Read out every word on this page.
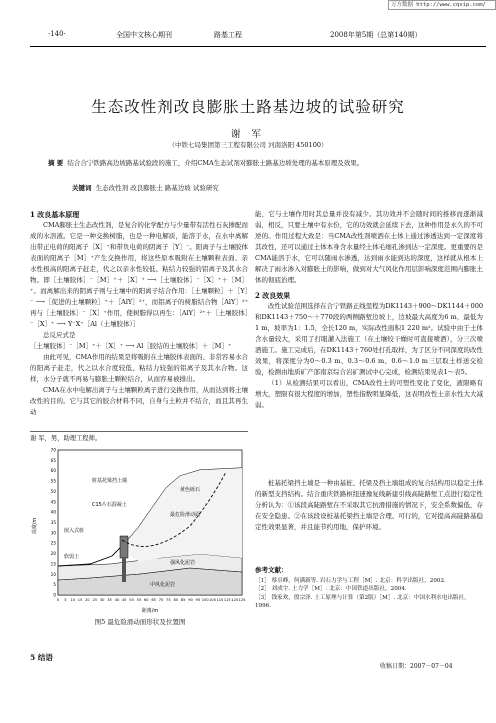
万方数据 http://www.cqvip.com/
·140·	全国中文核心期刊	路基工程	2008年第5期（总第140期）
生态改性剂改良膨胀土路基边坡的试验研究
谢 军
（中铁七局集团第三工程有限公司 河南洛阳 450100）
摘 要 结合合宁铁路高边坡路基试验段的施工，介绍CMA生态试剂对膨胀土路基边坡处理的基本原理及效果。
关键词 生态改性剂 改良膨胀土 路基边坡 试验研究
1 改良基本原理

CMA膨胀土生态改性剂，是复合的化学配方与少量带有活性石灰掺配而成的水溶液。它是一种交换树脂，也是一种电解质，能溶于水，在水中离解出带正电荷的阳离子［X］⁺和带负电荷的阴离子［Y］⁻。阳离子与土壤胶体表面的阳离子［M］⁺产生交换作用，将这些原本吸附在土壤颗粒表面、亲水性极高的阳离子赶走，代之以亲水性较低、粘结力较强的铝离子及其水合物。即［土壤胶体］⁻［M］⁺＋［X］⁺ ⟶［土壤胶体］⁻［X］⁺＋［M］⁺。而离解出来的阴离子则与土壤中的阳离子结合作用：［土壤颗粒］＋［Y］⁻ ⟶［促进的土壤颗粒］⁺＋［AlY］²⁺，而铝离子的树脂结合物［AlY］²⁺再与［土壤胶体］⁻［X］⁺作用，使树脂得以再生：［AlY］²⁺＋［土壤胶体］⁻［X］⁺ ⟶ Y⁻X⁺［Al（土壤胶体）］

总反应式是

［土壤胶体］⁻［M］⁺＋［X］⁺ ⟶ Al［胶结的土壤胶体］＋［M］⁺

由此可见，CMA作用的结果是将吸附在土壤胶体表面的、非常容易水合的阳离子赶走，代之以水合度较低、粘结力较强的铝离子及其水合物。这样，水分子就不再易与膨胀土颗粒结合，从而容易被排出。

CMA在水中电解出离子与土壤颗粒离子进行交换作用，从而达到将土壤改性的目的。它与其它的胶合材料不同，自身与土粒并不结合，而且其再生动

谢 军，男，助理工程师。

能，它与土壤作用时其总量并没有减少。其功效并不会随时间的推移而逐渐减弱，相反，只要土壤中有水份，它的功效就会延续下去，这种作用是永久的不可逆的。作用过程大致是：当CMA改性剂喷洒在土体上通过渗透达到一定深度将其改性，还可以通过土体本身含水量经土体毛细孔渗到达一定深度。更重要的是CMA能溶于水，它可以随雨水渗透，达到雨水能到达的深度，这样就从根本上解决了雨水渗入对膨胀土的影响，做到对大气风化作用层影响深度范围内膨胀土体的彻底治理。

2 改良效果

改性试验范围选择在合宁铁路正线里程为DK1143＋900～DK1144＋000和DK1143＋750～＋770段的两侧路堑边坡上，边坡最大高度为6 m，最低为1 m，坡率为1：1.5，全长120 m，实际改性面积1 220 m²。试验中由于土体含水量较大，采用了打眼灌入法施工（在土壤较干燥时可直接喷洒），分三次喷洒施工。施工完成后，在DK1143＋760处打孔取样，为了区分不同深度的改性效果，将深度分为0～0.3 m、0.3～0.6 m、0.6～1.0 m三层取土样送交检验，检测由地质矿产部南京综合岩矿测试中心完成，检测结果见表1～表5。

（1）从检测结果可以看出，CMA改性土的可塑性变化了变化，液限略有增大，塑限有很大程度的增加，塑性指数明显降低，这表明改性土亲水性大大减弱。

桩基托梁挡土墙是一种由基桩、托梁及挡土墙组成的复合结构用以稳定土体的新型支挡结构。结合重庆铁路枢纽速豫复线新建引线高陡路堑工点进行稳定性分析认为：①该段高陡路堑在不采取其它抗滑措施的情况下，安全系数偏低，存在安全隐患。②在该段设桩基托梁挡土墙是合理、可行的，它对提高高陡路基稳定性效果显著，并且能节约用地，保护环境。

参考文献：
［1］ 蔡卓峰，何满新等. 岩石力学与工程［M］. 北京：科学出版社，2002.
［2］ 刘成宇. 土力学［M］. 北京：中国铁道出版社，2004.
［3］ 钱家欢，殷宗泽. 土工原理与计算（第2版）［M］. 北京：中国水利水电出版社，1996.
桩基托梁挡土墙
C15片石混凝土
最危险滑动面
黄色砾石
嵌入式桩
软弱土
强风化泥岩
中风化泥岩
70
65
60
55
50
45
40
35
30
25
20
15
10
5
0
0 5 10 15 20 25 30 35 40 45 50 55 60 65 70 75 80 85 90 95 100 105 110 115 120 125
高度/m
距离/m
图5 最危险滑动面形状及位置图
5 结语
收稿日期：2007－07－04
